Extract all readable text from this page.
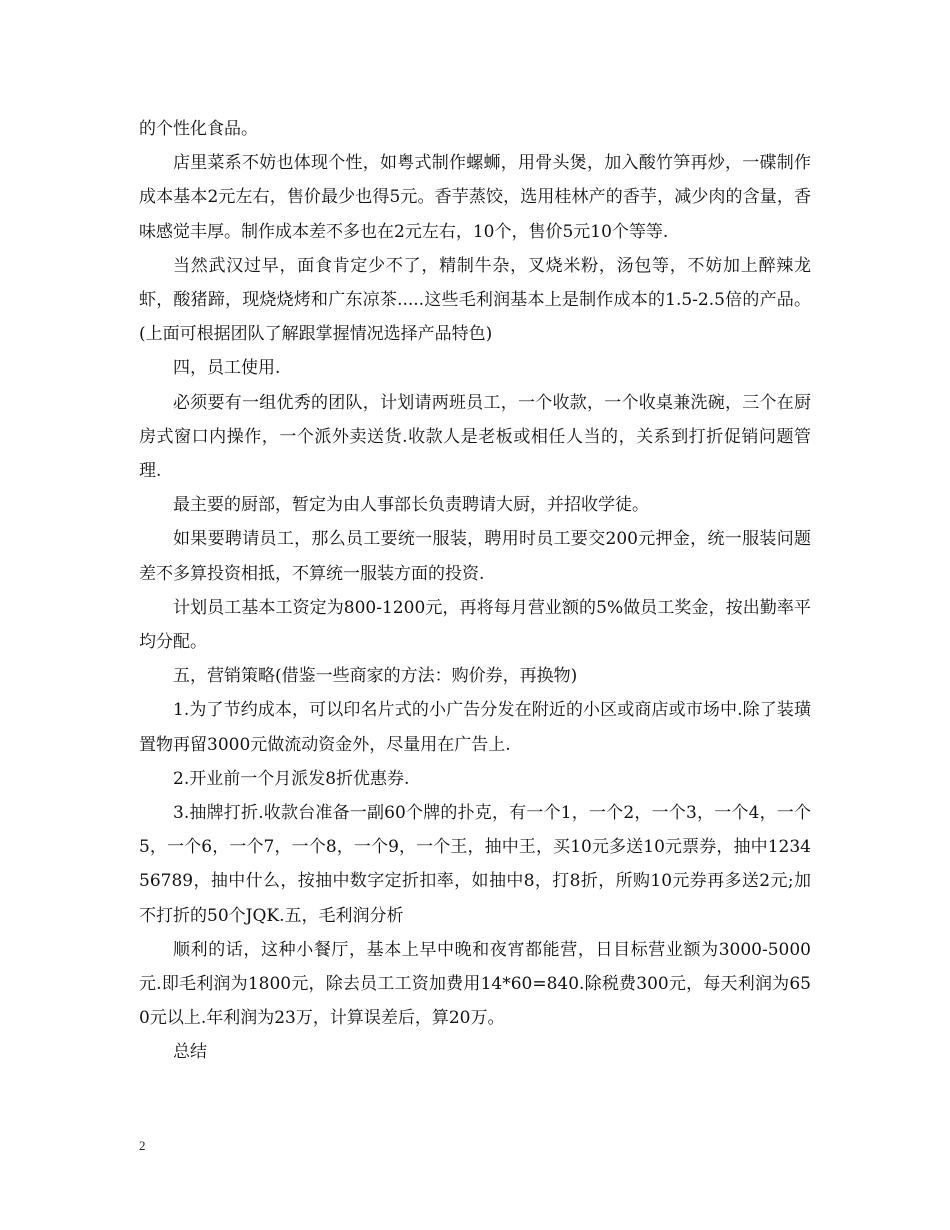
的个性化食品。

店里菜系不妨也体现个性，如粤式制作螺蛳，用骨头煲，加入酸竹笋再炒，一碟制作成本基本2元左右，售价最少也得5元。香芋蒸饺，选用桂林产的香芋，减少肉的含量，香味感觉丰厚。制作成本差不多也在2元左右，10个，售价5元10个等等.

当然武汉过早，面食肯定少不了，精制牛杂，叉烧米粉，汤包等，不妨加上醉辣龙虾，酸猪蹄，现烧烧烤和广东凉茶.....这些毛利润基本上是制作成本的1.5-2.5倍的产品。(上面可根据团队了解跟掌握情况选择产品特色)

四，员工使用.

必须要有一组优秀的团队，计划请两班员工，一个收款，一个收桌兼洗碗，三个在厨房式窗口内操作，一个派外卖送货.收款人是老板或相任人当的，关系到打折促销问题管理.

最主要的厨部，暂定为由人事部长负责聘请大厨，并招收学徒。

如果要聘请员工，那么员工要统一服装，聘用时员工要交200元押金，统一服装问题差不多算投资相抵，不算统一服装方面的投资.

计划员工基本工资定为800-1200元，再将每月营业额的5%做员工奖金，按出勤率平均分配。

五，营销策略(借鉴一些商家的方法：购价券，再换物)

1.为了节约成本，可以印名片式的小广告分发在附近的小区或商店或市场中.除了装璜置物再留3000元做流动资金外，尽量用在广告上.

2.开业前一个月派发8折优惠券.

3.抽牌打折.收款台准备一副60个牌的扑克，有一个1，一个2，一个3，一个4，一个5，一个6，一个7，一个8，一个9，一个王，抽中王，买10元多送10元票券，抽中123456789，抽中什么，按抽中数字定折扣率，如抽中8，打8折，所购10元券再多送2元;加不打折的50个JQK.五，毛利润分析

顺利的话，这种小餐厅，基本上早中晚和夜宵都能营，日目标营业额为3000-5000元.即毛利润为1800元，除去员工工资加费用14*60=840.除税费300元，每天利润为650元以上.年利润为23万，计算误差后，算20万。

总结

2
